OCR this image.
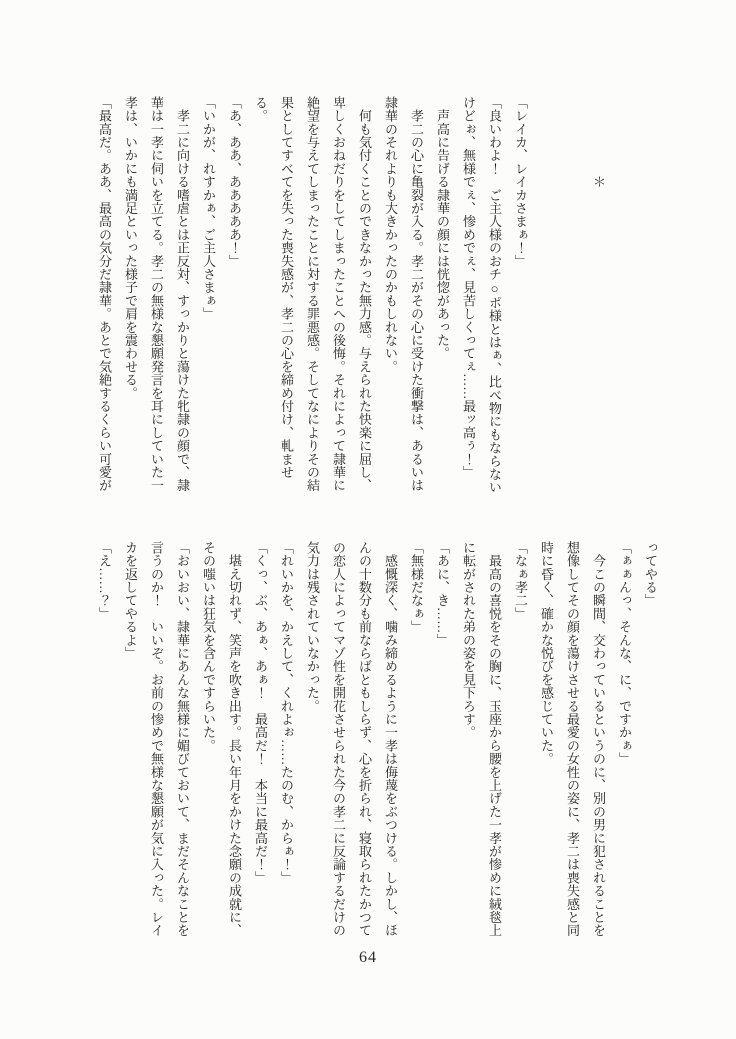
　　　　　　＊

「レイカ、レイカさまぁ！」

「良いわよ！　ご主人様のおチ○ポ様とはぁ、比べ物にもならない

けどぉ、無様でぇ、惨めでぇ、見苦しくってぇ……最ッ高ぅ！」

　声高に告げる隷華の顔には恍惚があった。

　孝二の心に亀裂が入る。孝二がその心に受けた衝撃は、あるいは

隷華のそれよりも大きかったのかもしれない。

　何も気付くことのできなかった無力感。与えられた快楽に屈し、

卑しくおねだりをしてしまったことへの後悔。それによって隷華に

絶望を与えてしまったことに対する罪悪感。そしてなによりその結

果としてすべてを失った喪失感が、孝二の心を締め付け、軋ませ

る。

「あ、ああ、あああああ！」

「いかが、れすかぁ、ご主人さまぁ」

　孝二に向ける嗜虐とは正反対、すっかりと蕩けた牝隷の顔で、隷

華は一孝に伺いを立てる。孝二の無様な懇願発言を耳にしていた一

孝は、いかにも満足といった様子で肩を震わせる。

「最高だ。ああ、最高の気分だ隷華。あとで気絶するくらい可愛が

ってやる」

「ぁぁんっ、そんな、に、ですかぁ」

　今この瞬間、交わっているというのに、別の男に犯されることを

想像してその顔を蕩けさせる最愛の女性の姿に、孝二は喪失感と同

時に昏く、確かな悦びを感じていた。

「なぁ孝二」

　最高の喜悦をその胸に、玉座から腰を上げた一孝が惨めに絨毯上

に転がされた弟の姿を見下ろす。

「あに、き……」

「無様だなぁ」

　感慨深く、噛み締めるように一孝は侮蔑をぶつける。しかし、ほ

んの十数分も前ならばともしらず、心を折られ、寝取られたかつて

の恋人によってマゾ性を開花させられた今の孝二に反論するだけの

気力は残されていなかった。

「れいかを、かえして、くれよぉ……たのむ、からぁ！」

「くっ、ぶ、あぁ、あぁ！　最高だ！　本当に最高だ！」

　堪え切れず、笑声を吹き出す。長い年月をかけた念願の成就に、

その嗤いは狂気を含んですらいた。

「おいおい、隷華にあんな無様に媚びておいて、まだそんなことを

言うのか！　いいぞ。お前の惨めで無様な懇願が気に入った。レイ

カを返してやるよ」

「え……？」

64
